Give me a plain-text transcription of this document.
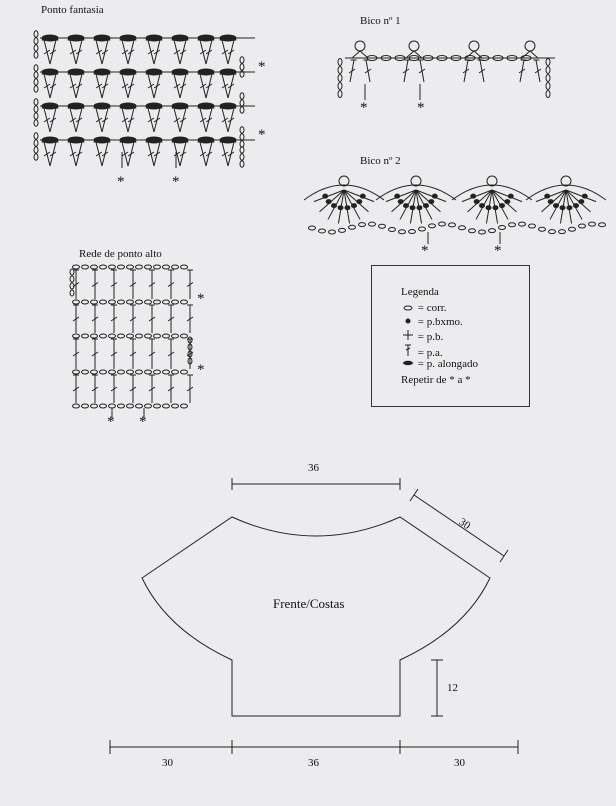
Ponto fantasia
Bico nº 1
Bico nº 2
Rede de ponto alto
*
*
*	*
*	*
*	*
*
*
* *
Legenda
= corr.
= p.bxmo.
= p.b.
= p.a.
= p. alongado
Repetir de * a *
Frente/Costas
36
30
12
30	36	30
